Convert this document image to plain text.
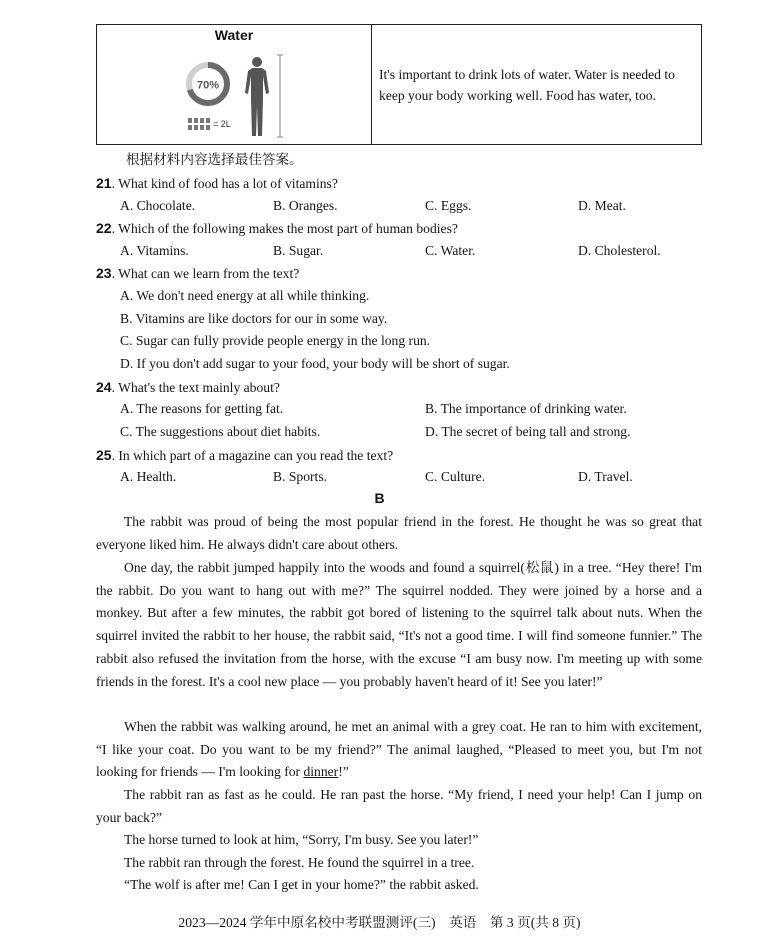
Water
70%
= 2L
It's important to drink lots of water. Water is needed to keep your body working well. Food has water, too.
根据材料内容选择最佳答案。
21. What kind of food has a lot of vitamins?
A. Chocolate.	B. Oranges.	C. Eggs.	D. Meat.
22. Which of the following makes the most part of human bodies?
A. Vitamins.	B. Sugar.	C. Water.	D. Cholesterol.
23. What can we learn from the text?
A. We don't need energy at all while thinking.
B. Vitamins are like doctors for our in some way.
C. Sugar can fully provide people energy in the long run.
D. If you don't add sugar to your food, your body will be short of sugar.
24. What's the text mainly about?
A. The reasons for getting fat.	B. The importance of drinking water.
C. The suggestions about diet habits.	D. The secret of being tall and strong.
25. In which part of a magazine can you read the text?
A. Health.	B. Sports.	C. Culture.	D. Travel.
B

The rabbit was proud of being the most popular friend in the forest. He thought he was so great that everyone liked him. He always didn't care about others.

One day, the rabbit jumped happily into the woods and found a squirrel(松鼠) in a tree. “Hey there! I'm the rabbit. Do you want to hang out with me?” The squirrel nodded. They were joined by a horse and a monkey. But after a few minutes, the rabbit got bored of listening to the squirrel talk about nuts. When the squirrel invited the rabbit to her house, the rabbit said, “It's not a good time. I will find someone funnier.” The rabbit also refused the invitation from the horse, with the excuse “I am busy now. I'm meeting up with some friends in the forest. It's a cool new place — you probably haven't heard of it! See you later!”

When the rabbit was walking around, he met an animal with a grey coat. He ran to him with excitement, “I like your coat. Do you want to be my friend?” The animal laughed, “Pleased to meet you, but I'm not looking for friends — I'm looking for dinner!”

The rabbit ran as fast as he could. He ran past the horse. “My friend, I need your help! Can I jump on your back?”

The horse turned to look at him, “Sorry, I'm busy. See you later!”

The rabbit ran through the forest. He found the squirrel in a tree.

“The wolf is after me! Can I get in your home?” the rabbit asked.

2023—2024 学年中原名校中考联盟测评(三)　英语　第 3 页(共 8 页)
